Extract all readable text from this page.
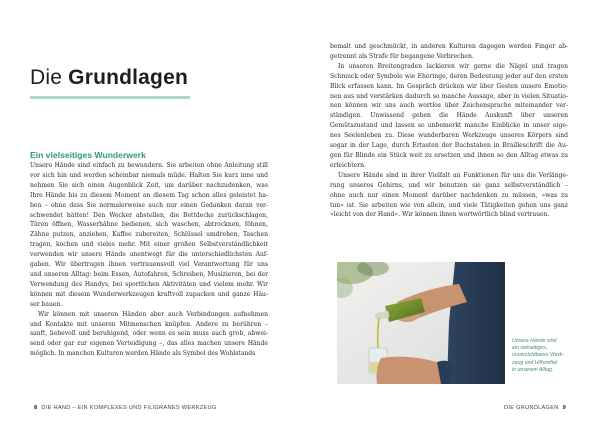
Die Grundlagen
Ein vielseitiges Wunderwerk
Unsere Hände sind einfach zu bewundern. Sie arbeiten ohne Anleitung still
vor sich hin und werden scheinbar niemals müde. Halten Sie kurz inne und
nehmen Sie sich einen Augenblick Zeit, um darüber nachzudenken, was
Ihre Hände bis zu diesem Moment an diesem Tag schon alles geleistet ha-
ben – ohne dass Sie normalerweise auch nur einen Gedanken daran ver-
schwendet hätten! Den Wecker abstellen, die Bettdecke zurückschlagen,
Türen öffnen, Wasserhähne bedienen, sich waschen, abtrocknen, föhnen,
Zähne putzen, anziehen, Kaffee zubereiten, Schlüssel umdrehen, Taschen
tragen, kochen und vieles mehr. Mit einer großen Selbstverständlichkeit
verwenden wir unsere Hände unentwegt für die unterschiedlichsten Auf-
gaben. Wir übertragen ihnen vertrauensvoll viel Verantwortung für uns
und unseren Alltag: beim Essen, Autofahren, Schreiben, Musizieren, bei der
Verwendung des Handys, bei sportlichen Aktivitäten und vielem mehr. Wir
können mit diesem Wunderwerkzeugen kraftvoll zupacken und ganze Häu-
ser bauen.
Wir können mit unseren Händen aber auch Verbindungen aufnehmen
und Kontakte mit unseren Mitmenschen knüpfen. Andere zu berühren –
sanft, liebevoll und beruhigend, oder wenn es sein muss auch grob, abwei-
send oder gar zur eigenen Verteidigung –, das alles machen unsere Hände
möglich. In manchen Kulturen werden Hände als Symbol des Wohlstands
8 DIE HAND – EIN KOMPLEXES UND FILIGRANES WERKZEUG
bemalt und geschmückt, in anderen Kulturen dagegen werden Finger ab-
getrennt als Strafe für begangene Verbrechen.
In unseren Breitengraden lackieren wir gerne die Nägel und tragen
Schmuck oder Symbole wie Eheringe, deren Bedeutung jeder auf den ersten
Blick erfassen kann. Im Gespräch drücken wir über Gesten unsere Emotio-
nen aus und verstärken dadurch so manche Aussage, aber in vielen Situatio-
nen können wir uns auch wortlos über Zeichensprache miteinander ver-
ständigen. Unwissend geben die Hände Auskunft über unseren
Gemütszustand und lassen so unbemerkt manche Einblicke in unser eige-
nes Seelenleben zu. Diese wunderbaren Werkzeuge unseres Körpers sind
sogar in der Lage, durch Ertasten der Buchstaben in Brailleschrift die Au-
gen für Blinde ein Stück weit zu ersetzen und ihnen so den Alltag etwas zu
erleichtern.
Unsere Hände sind in ihrer Vielfalt an Funktionen für uns die Verlänge-
rung unseres Gehirns, und wir benutzen sie ganz selbstverständlich –
ohne auch nur einen Moment darüber nachdenken zu müssen, »was zu
tun« ist. Sie arbeiten wie von allein, und viele Tätigkeiten gehen uns ganz
»leicht von der Hand«. Wir können ihnen wortwörtlich blind vertrauen.
Unsere Hände sind
ein vielseitiges,
unverzichtbares Werk-
zeug und Hilfsmittel
in unserem Alltag.
DIE GRUNDLAGEN 9
